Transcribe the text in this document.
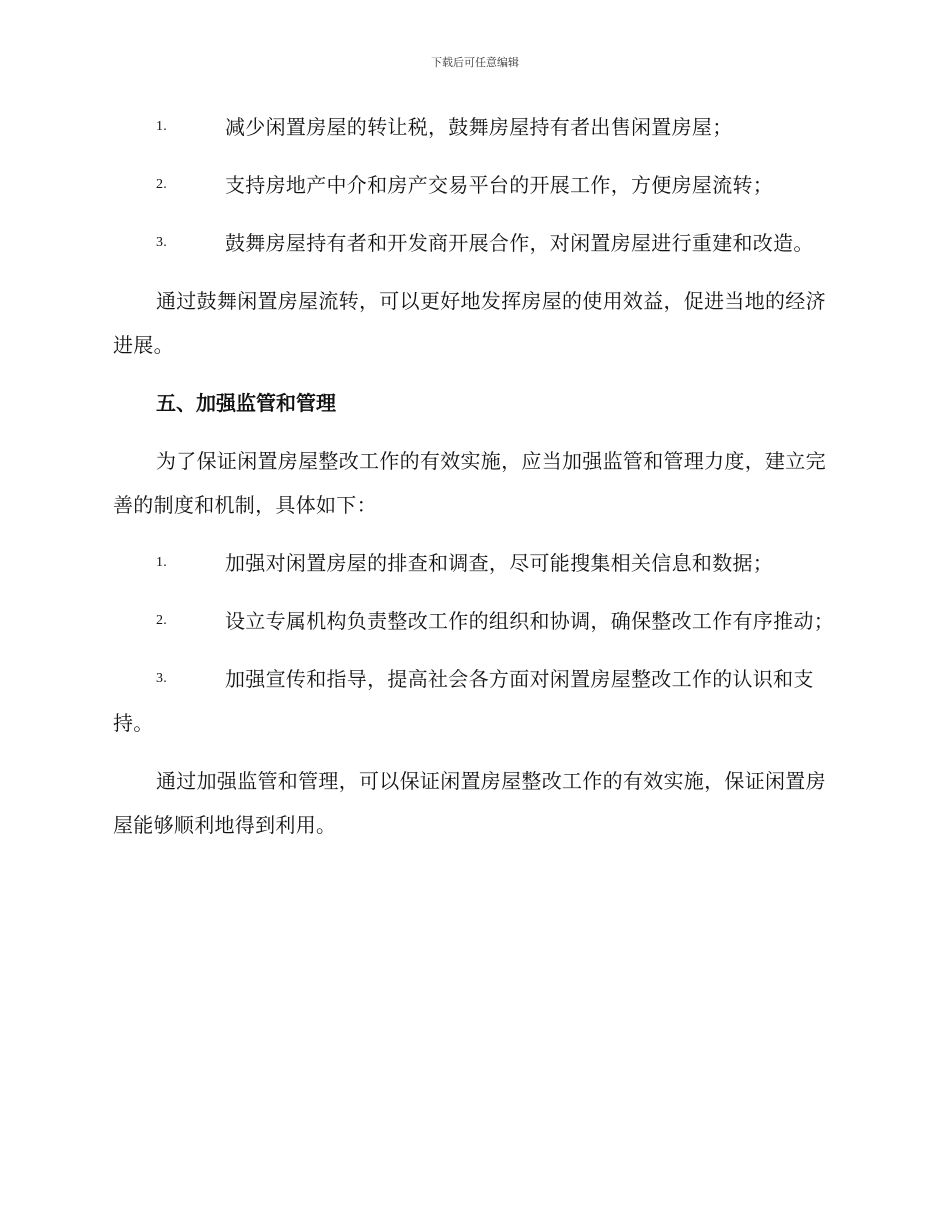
下载后可任意编辑

1.	减少闲置房屋的转让税，鼓舞房屋持有者出售闲置房屋；

2.	支持房地产中介和房产交易平台的开展工作，方便房屋流转；

3.	鼓舞房屋持有者和开发商开展合作，对闲置房屋进行重建和改造。

通过鼓舞闲置房屋流转，可以更好地发挥房屋的使用效益，促进当地的经济进展。

五、加强监管和管理

为了保证闲置房屋整改工作的有效实施，应当加强监管和管理力度，建立完善的制度和机制，具体如下：

1.	加强对闲置房屋的排查和调查，尽可能搜集相关信息和数据；

2.	设立专属机构负责整改工作的组织和协调，确保整改工作有序推动；

3.	加强宣传和指导，提高社会各方面对闲置房屋整改工作的认识和支持。

通过加强监管和管理，可以保证闲置房屋整改工作的有效实施，保证闲置房屋能够顺利地得到利用。
